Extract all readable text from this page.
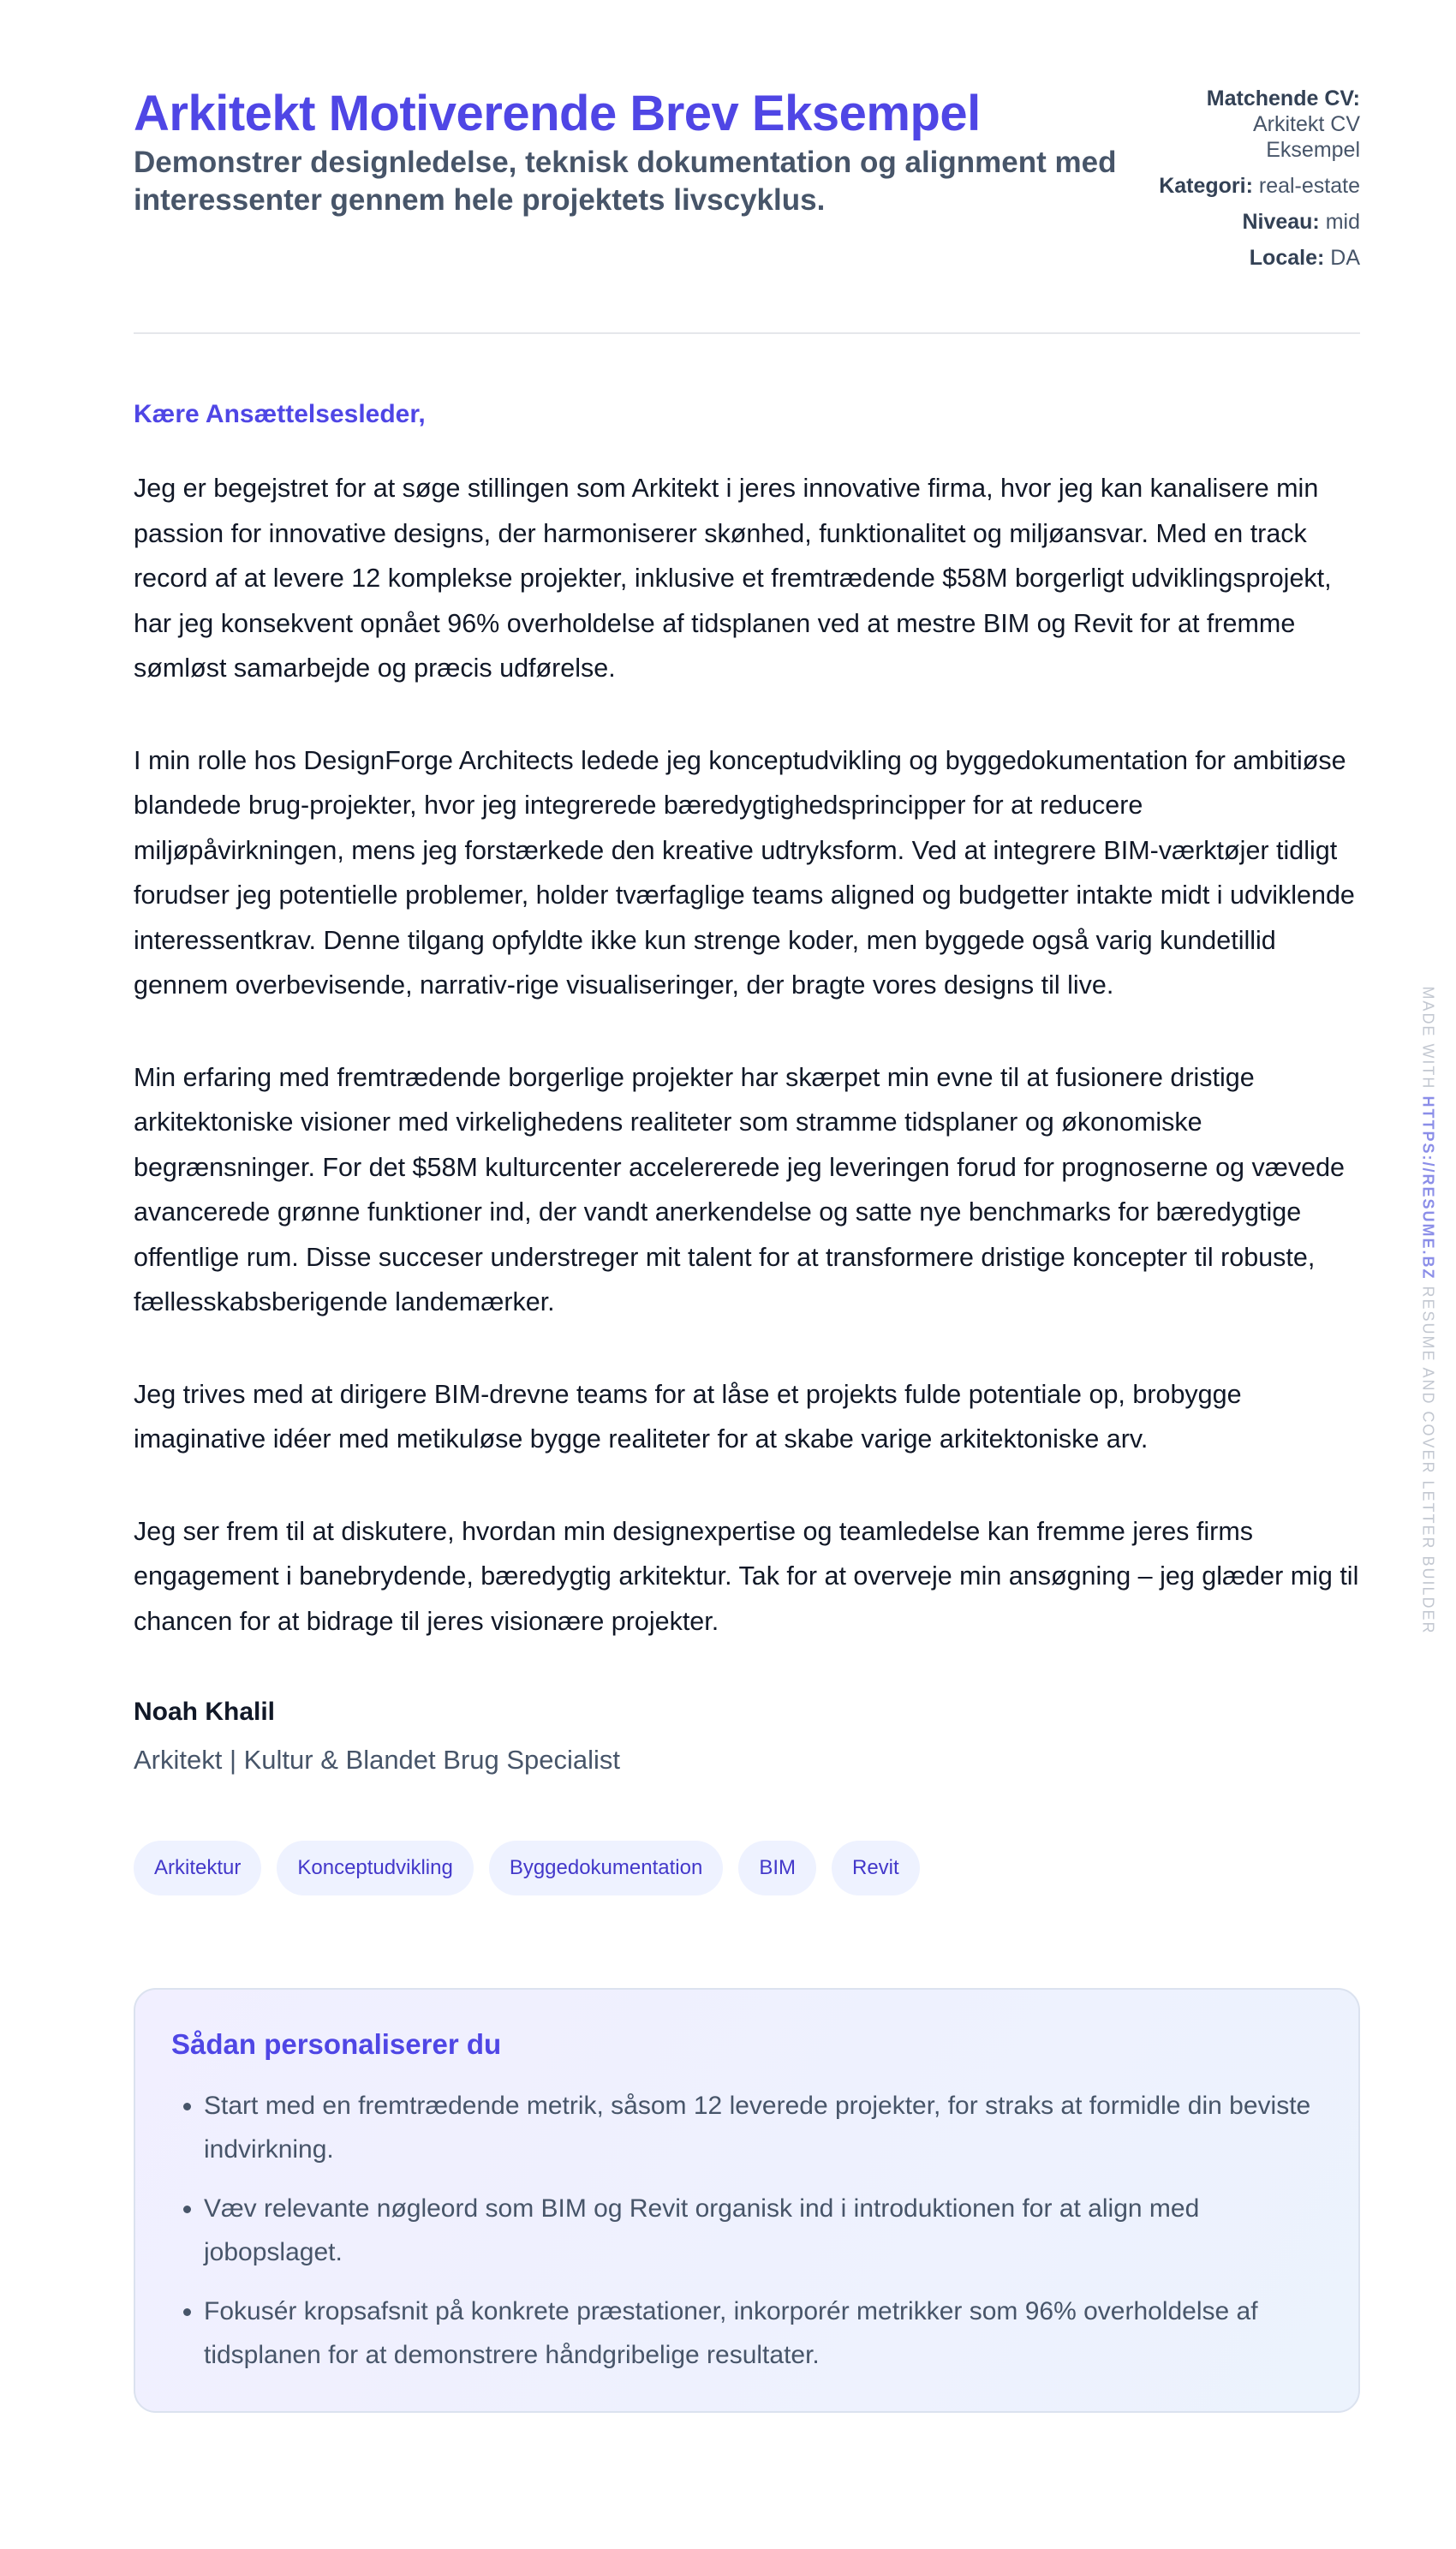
Arkitekt Motiverende Brev Eksempel

Demonstrer designledelse, teknisk dokumentation og alignment med interessenter gennem hele projektets livscyklus.

Matchende CV: Arkitekt CV Eksempel
Kategori: real-estate
Niveau: mid
Locale: DA
Kære Ansættelsesleder,

Jeg er begejstret for at søge stillingen som Arkitekt i jeres innovative firma, hvor jeg kan kanalisere min passion for innovative designs, der harmoniserer skønhed, funktionalitet og miljøansvar. Med en track record af at levere 12 komplekse projekter, inklusive et fremtrædende $58M borgerligt udviklingsprojekt, har jeg konsekvent opnået 96% overholdelse af tidsplanen ved at mestre BIM og Revit for at fremme sømløst samarbejde og præcis udførelse.

I min rolle hos DesignForge Architects ledede jeg konceptudvikling og byggedokumentation for ambitiøse blandede brug-projekter, hvor jeg integrerede bæredygtighedsprincipper for at reducere miljøpåvirkningen, mens jeg forstærkede den kreative udtryksform. Ved at integrere BIM-værktøjer tidligt forudser jeg potentielle problemer, holder tværfaglige teams aligned og budgetter intakte midt i udviklende interessentkrav. Denne tilgang opfyldte ikke kun strenge koder, men byggede også varig kundetillid gennem overbevisende, narrativ-rige visualiseringer, der bragte vores designs til live.

Min erfaring med fremtrædende borgerlige projekter har skærpet min evne til at fusionere dristige arkitektoniske visioner med virkelighedens realiteter som stramme tidsplaner og økonomiske begrænsninger. For det $58M kulturcenter accelererede jeg leveringen forud for prognoserne og vævede avancerede grønne funktioner ind, der vandt anerkendelse og satte nye benchmarks for bæredygtige offentlige rum. Disse succeser understreger mit talent for at transformere dristige koncepter til robuste, fællesskabsberigende landemærker.

Jeg trives med at dirigere BIM-drevne teams for at låse et projekts fulde potentiale op, brobygge imaginative idéer med metikuløse bygge realiteter for at skabe varige arkitektoniske arv.

Jeg ser frem til at diskutere, hvordan min designexpertise og teamledelse kan fremme jeres firms engagement i banebrydende, bæredygtig arkitektur. Tak for at overveje min ansøgning – jeg glæder mig til chancen for at bidrage til jeres visionære projekter.

Noah Khalil
Arkitekt | Kultur & Blandet Brug Specialist
Arkitektur	Konceptudvikling	Byggedokumentation	BIM	Revit
Sådan personaliserer du
• Start med en fremtrædende metrik, såsom 12 leverede projekter, for straks at formidle din beviste indvirkning.
• Væv relevante nøgleord som BIM og Revit organisk ind i introduktionen for at align med jobopslaget.
• Fokusér kropsafsnit på konkrete præstationer, inkorporér metrikker som 96% overholdelse af tidsplanen for at demonstrere håndgribelige resultater.
MADE WITH HTTPS://RESUME.BZ RESUME AND COVER LETTER BUILDER
